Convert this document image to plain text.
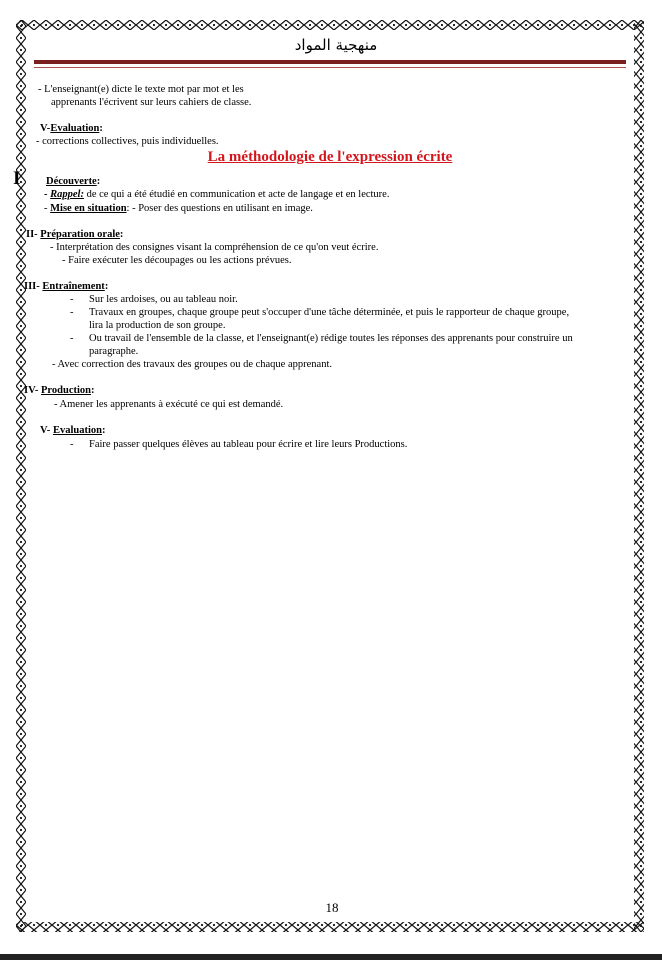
منهجية المواد
- L'enseignant(e) dicte le texte mot par mot et les
apprenants l'écrivent sur leurs cahiers de classe.
V-Evaluation:
- corrections collectives, puis individuelles.
La méthodologie de l'expression écrite
I Découverte:
- Rappel: de ce qui a été étudié en communication et acte de langage et en lecture.
- Mise en situation: - Poser des questions en utilisant en image.
II- Préparation orale:
- Interprétation des consignes visant la compréhension de ce qu'on veut écrire.
- Faire exécuter les découpages ou les actions prévues.
III- Entraînement:
- Sur les ardoises, ou au tableau noir.
- Travaux en groupes, chaque groupe peut s'occuper d'une tâche déterminée, et puis le rapporteur de chaque groupe,
lira la production de son groupe.
- Ou travail de l'ensemble de la classe, et l'enseignant(e) rédige toutes les réponses des apprenants pour construire un
paragraphe.
- Avec correction des travaux des groupes ou de chaque apprenant.
IV- Production:
- Amener les apprenants à exécuté ce qui est demandé.
V- Evaluation:
- Faire passer quelques élèves au tableau pour écrire et lire leurs Productions.
18
